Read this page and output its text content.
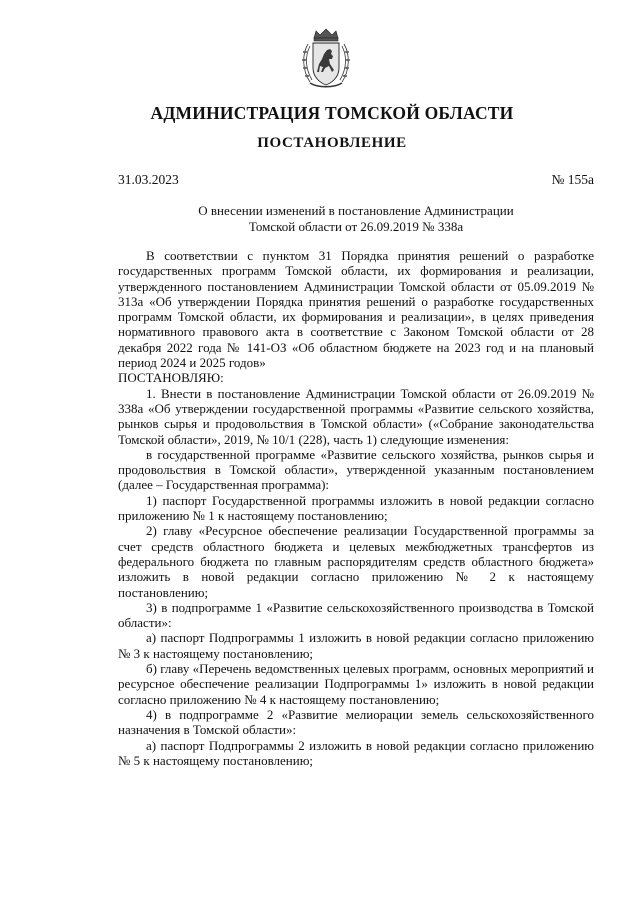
АДМИНИСТРАЦИЯ ТОМСКОЙ ОБЛАСТИ
ПОСТАНОВЛЕНИЕ
31.03.2023	№ 155а
О внесении изменений в постановление Администрации
Томской области от 26.09.2019 № 338а

В соответствии с пунктом 31 Порядка принятия решений о разработке государственных программ Томской области, их формирования и реализации, утвержденного постановлением Администрации Томской области от 05.09.2019 № 313а «Об утверждении Порядка принятия решений о разработке государственных программ Томской области, их формирования и реализации», в целях приведения нормативного правового акта в соответствие с Законом Томской области от 28 декабря 2022 года № 141-ОЗ «Об областном бюджете на 2023 год и на плановый период 2024 и 2025 годов»

ПОСТАНОВЛЯЮ:

1. Внести в постановление Администрации Томской области от 26.09.2019 № 338а «Об утверждении государственной программы «Развитие сельского хозяйства, рынков сырья и продовольствия в Томской области» («Собрание законодательства Томской области», 2019, № 10/1 (228), часть 1) следующие изменения:

в государственной программе «Развитие сельского хозяйства, рынков сырья и продовольствия в Томской области», утвержденной указанным постановлением (далее – Государственная программа):

1) паспорт Государственной программы изложить в новой редакции согласно приложению № 1 к настоящему постановлению;

2) главу «Ресурсное обеспечение реализации Государственной программы за счет средств областного бюджета и целевых межбюджетных трансфертов из федерального бюджета по главным распорядителям средств областного бюджета» изложить в новой редакции согласно приложению № 2 к настоящему постановлению;

3) в подпрограмме 1 «Развитие сельскохозяйственного производства в Томской области»:

а) паспорт Подпрограммы 1 изложить в новой редакции согласно приложению № 3 к настоящему постановлению;

б) главу «Перечень ведомственных целевых программ, основных мероприятий и ресурсное обеспечение реализации Подпрограммы 1» изложить в новой редакции согласно приложению № 4 к настоящему постановлению;

4) в подпрограмме 2 «Развитие мелиорации земель сельскохозяйственного назначения в Томской области»:

а) паспорт Подпрограммы 2 изложить в новой редакции согласно приложению № 5 к настоящему постановлению;
